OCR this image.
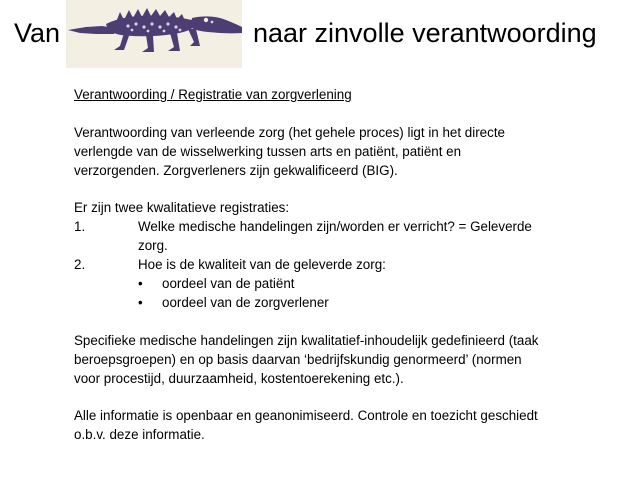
Van	naar zinvolle verantwoording

Verantwoording / Registratie van zorgverlening

Verantwoording van verleende zorg (het gehele proces) ligt in het directe verlengde van de wisselwerking tussen arts en patiënt, patiënt en verzorgenden. Zorgverleners zijn gekwalificeerd (BIG).

Er zijn twee kwalitatieve registraties:

1.	Welke medische handelingen zijn/worden er verricht? = Geleverde zorg.
2.	Hoe is de kwaliteit van de geleverde zorg:
•	oordeel van de patiënt
•	oordeel van de zorgverlener

Specifieke medische handelingen zijn kwalitatief-inhoudelijk gedefinieerd (taak beroepsgroepen) en op basis daarvan ‘bedrijfskundig genormeerd’ (normen voor procestijd, duurzaamheid, kostentoerekening etc.).

Alle informatie is openbaar en geanonimiseerd. Controle en toezicht geschiedt o.b.v. deze informatie.
